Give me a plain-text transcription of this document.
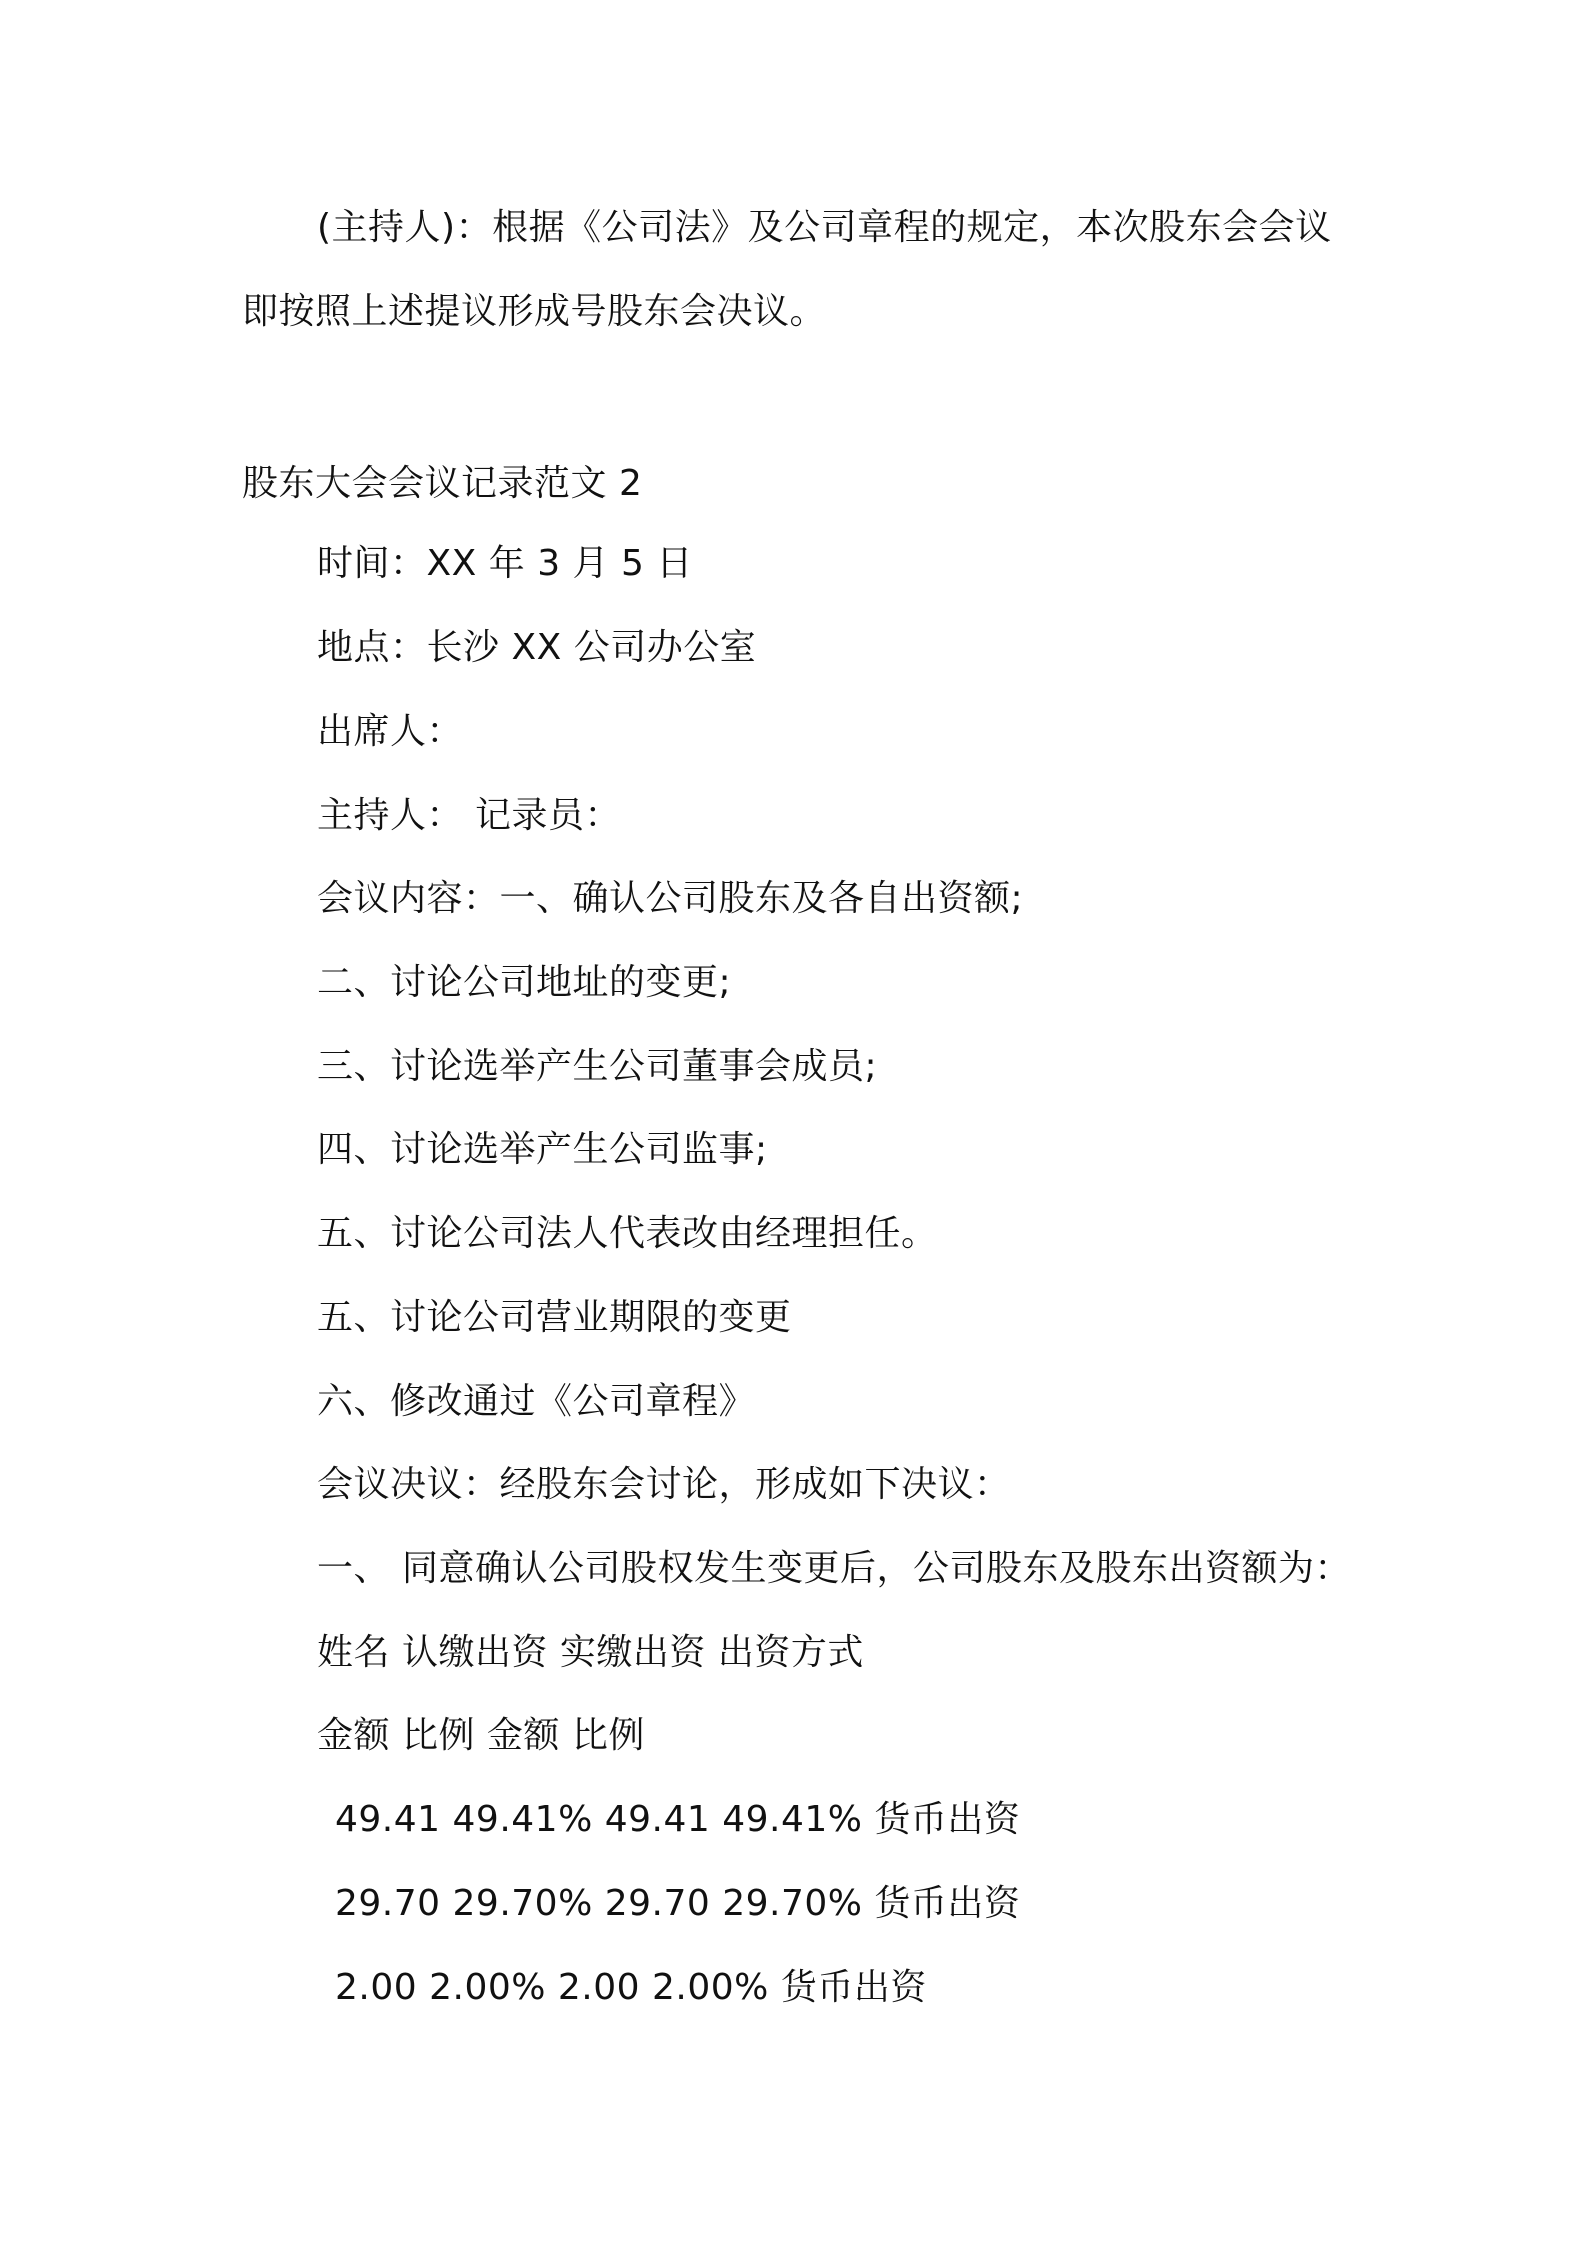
(主持人)：根据《公司法》及公司章程的规定，本次股东会会议
即按照上述提议形成号股东会决议。
股东大会会议记录范文 2
时间：XX 年 3 月 5 日
地点：长沙 XX 公司办公室
出席人：
主持人： 记录员：
会议内容：一、确认公司股东及各自出资额;
二、讨论公司地址的变更;
三、讨论选举产生公司董事会成员;
四、讨论选举产生公司监事;
五、讨论公司法人代表改由经理担任。
五、讨论公司营业期限的变更
六、修改通过《公司章程》
会议决议：经股东会讨论，形成如下决议：
一、 同意确认公司股权发生变更后，公司股东及股东出资额为：
姓名 认缴出资 实缴出资 出资方式
金额 比例 金额 比例
49.41 49.41% 49.41 49.41% 货币出资
29.70 29.70% 29.70 29.70% 货币出资
2.00 2.00% 2.00 2.00% 货币出资
